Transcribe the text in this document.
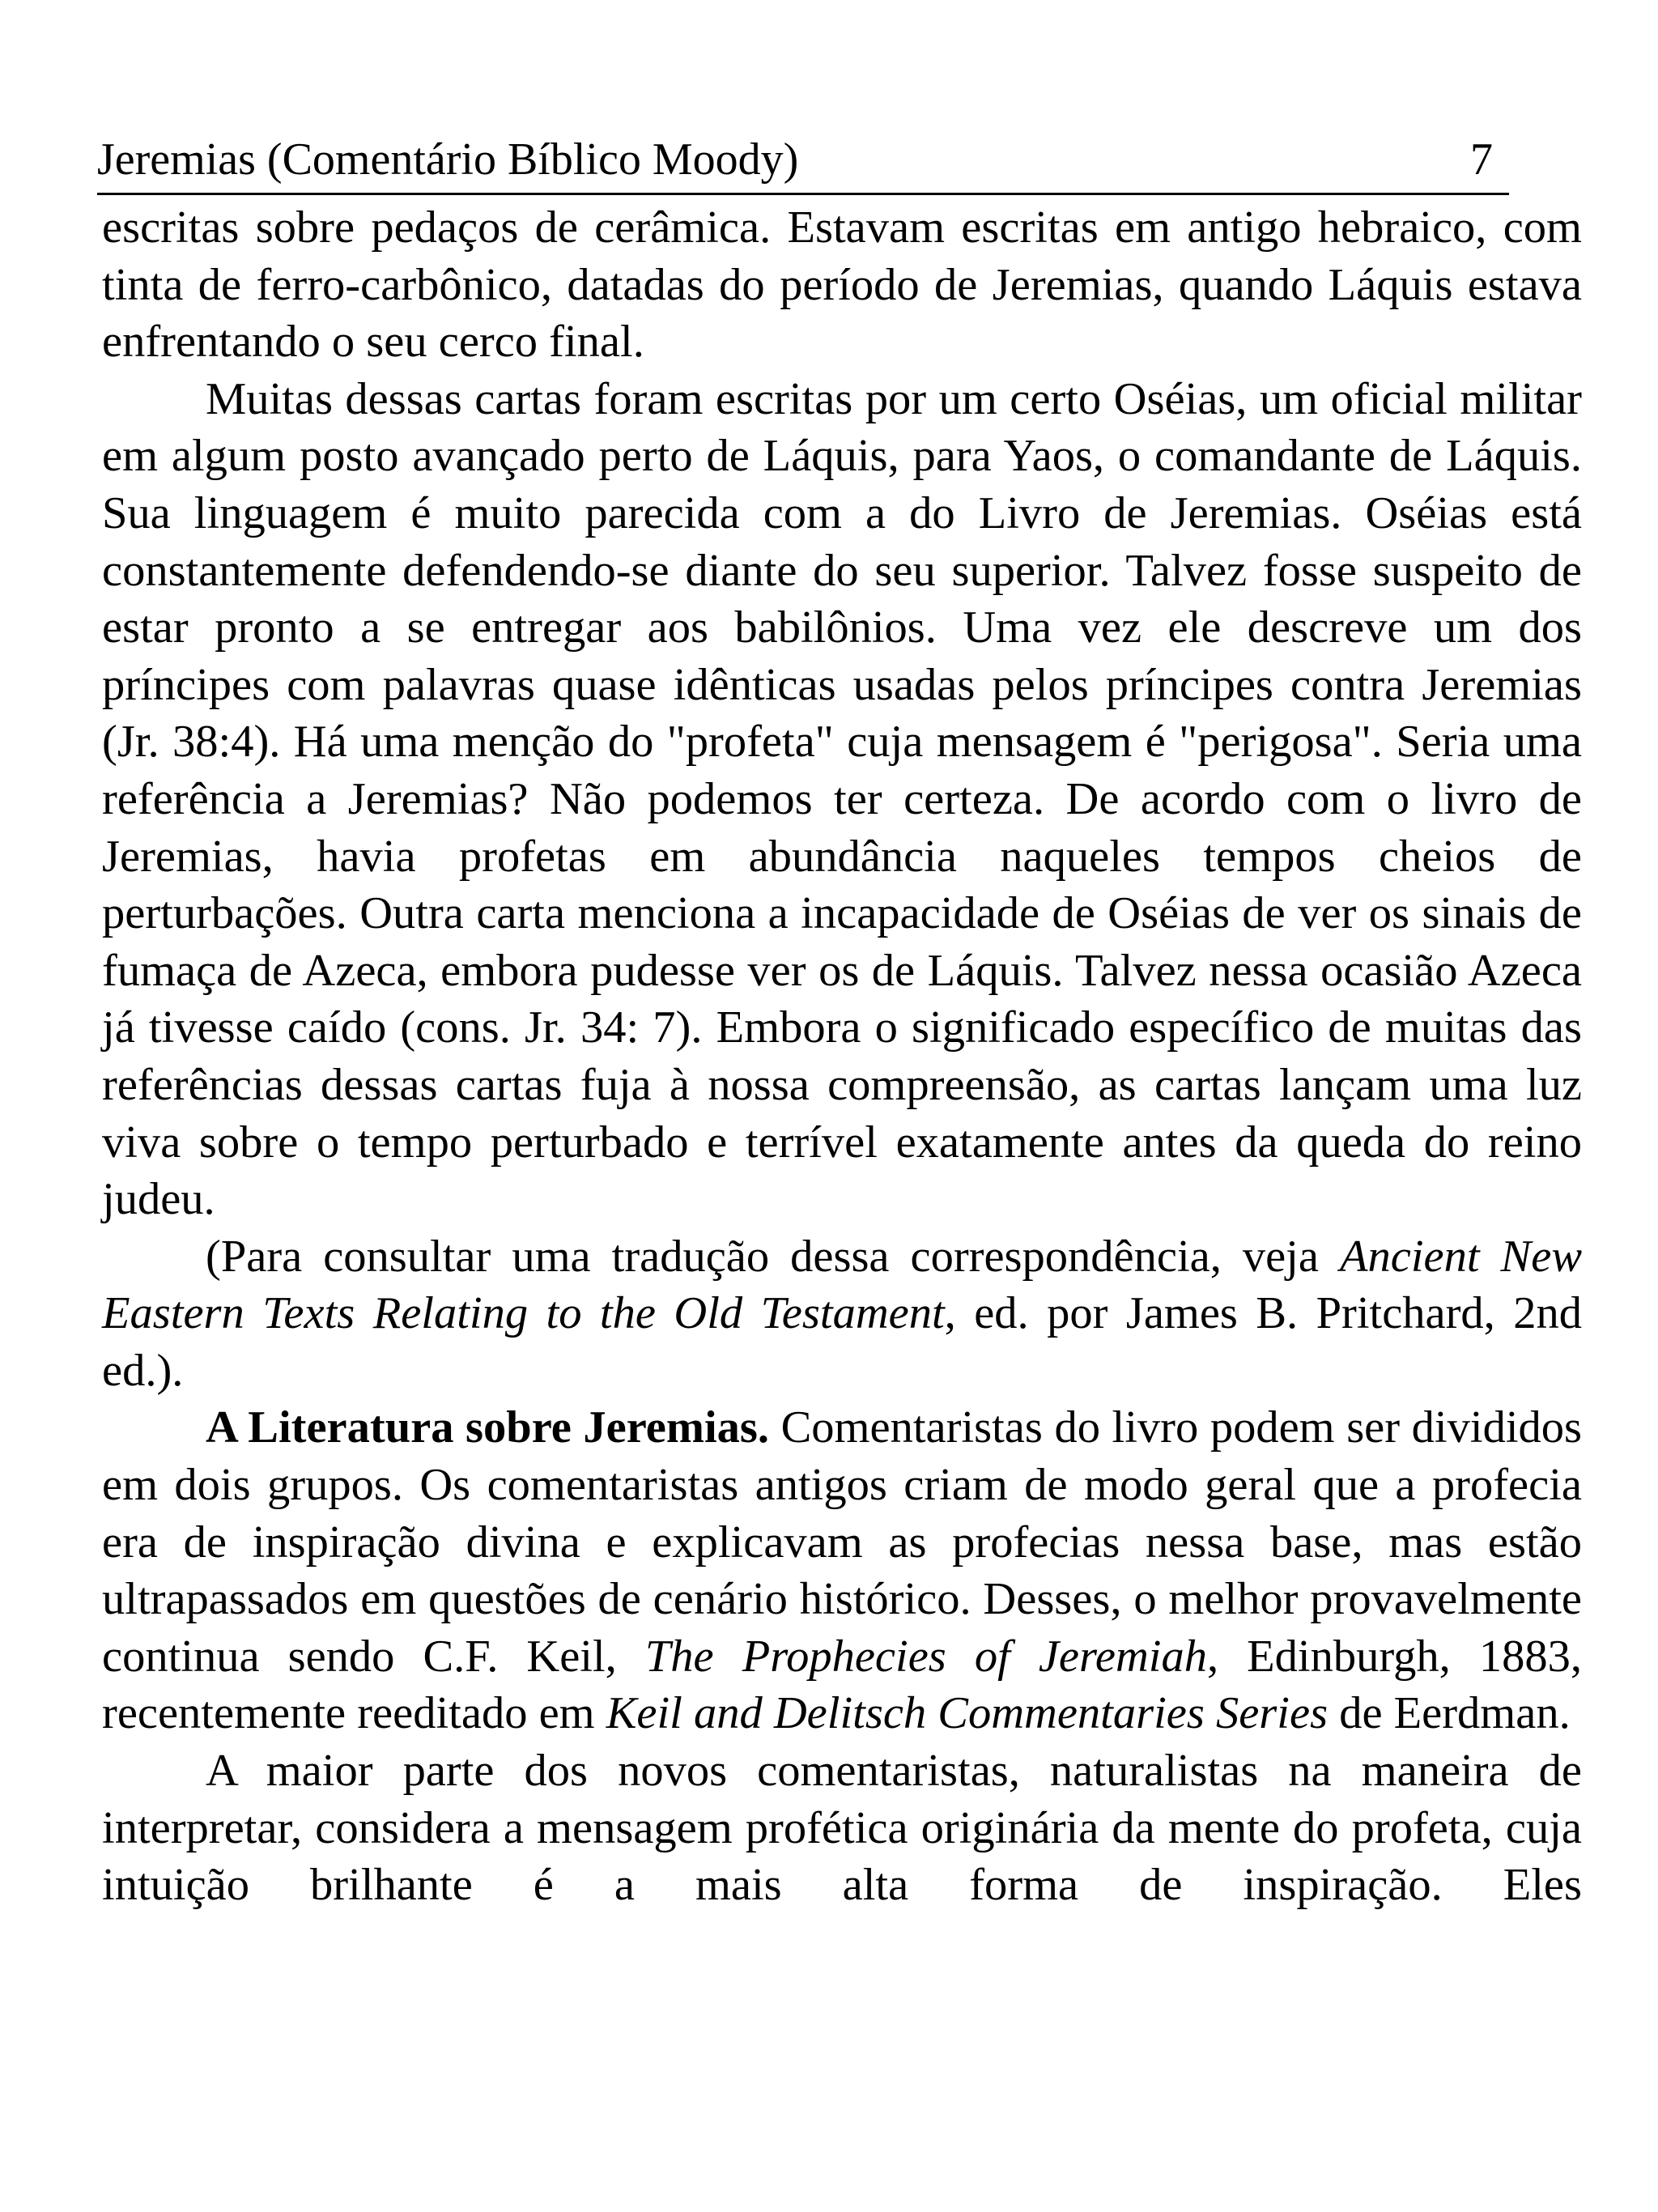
Jeremias (Comentário Bíblico Moody)	7

escritas sobre pedaços de cerâmica. Estavam escritas em antigo hebraico, com tinta de ferro-carbônico, datadas do período de Jeremias, quando Láquis estava enfrentando o seu cerco final.

Muitas dessas cartas foram escritas por um certo Oséias, um oficial militar em algum posto avançado perto de Láquis, para Yaos, o comandante de Láquis. Sua linguagem é muito parecida com a do Livro de Jeremias. Oséias está constantemente defendendo-se diante do seu superior. Talvez fosse suspeito de estar pronto a se entregar aos babilônios. Uma vez ele descreve um dos príncipes com palavras quase idênticas usadas pelos príncipes contra Jeremias (Jr. 38:4). Há uma menção do "profeta" cuja mensagem é "perigosa". Seria uma referência a Jeremias? Não podemos ter certeza. De acordo com o livro de Jeremias, havia profetas em abundância naqueles tempos cheios de perturbações. Outra carta menciona a incapacidade de Oséias de ver os sinais de fumaça de Azeca, embora pudesse ver os de Láquis. Talvez nessa ocasião Azeca já tivesse caído (cons. Jr. 34: 7). Embora o significado específico de muitas das referências dessas cartas fuja à nossa compreensão, as cartas lançam uma luz viva sobre o tempo perturbado e terrível exatamente antes da queda do reino judeu.

(Para consultar uma tradução dessa correspondência, veja Ancient New Eastern Texts Relating to the Old Testament, ed. por James B. Pritchard, 2nd ed.).

A Literatura sobre Jeremias. Comentaristas do livro podem ser divididos em dois grupos. Os comentaristas antigos criam de modo geral que a profecia era de inspiração divina e explicavam as profecias nessa base, mas estão ultrapassados em questões de cenário histórico. Desses, o melhor provavelmente continua sendo C.F. Keil, The Prophecies of Jeremiah, Edinburgh, 1883, recentemente reeditado em Keil and Delitsch Commentaries Series de Eerdman.

A maior parte dos novos comentaristas, naturalistas na maneira de interpretar, considera a mensagem profética originária da mente do profeta, cuja intuição brilhante é a mais alta forma de inspiração. Eles
